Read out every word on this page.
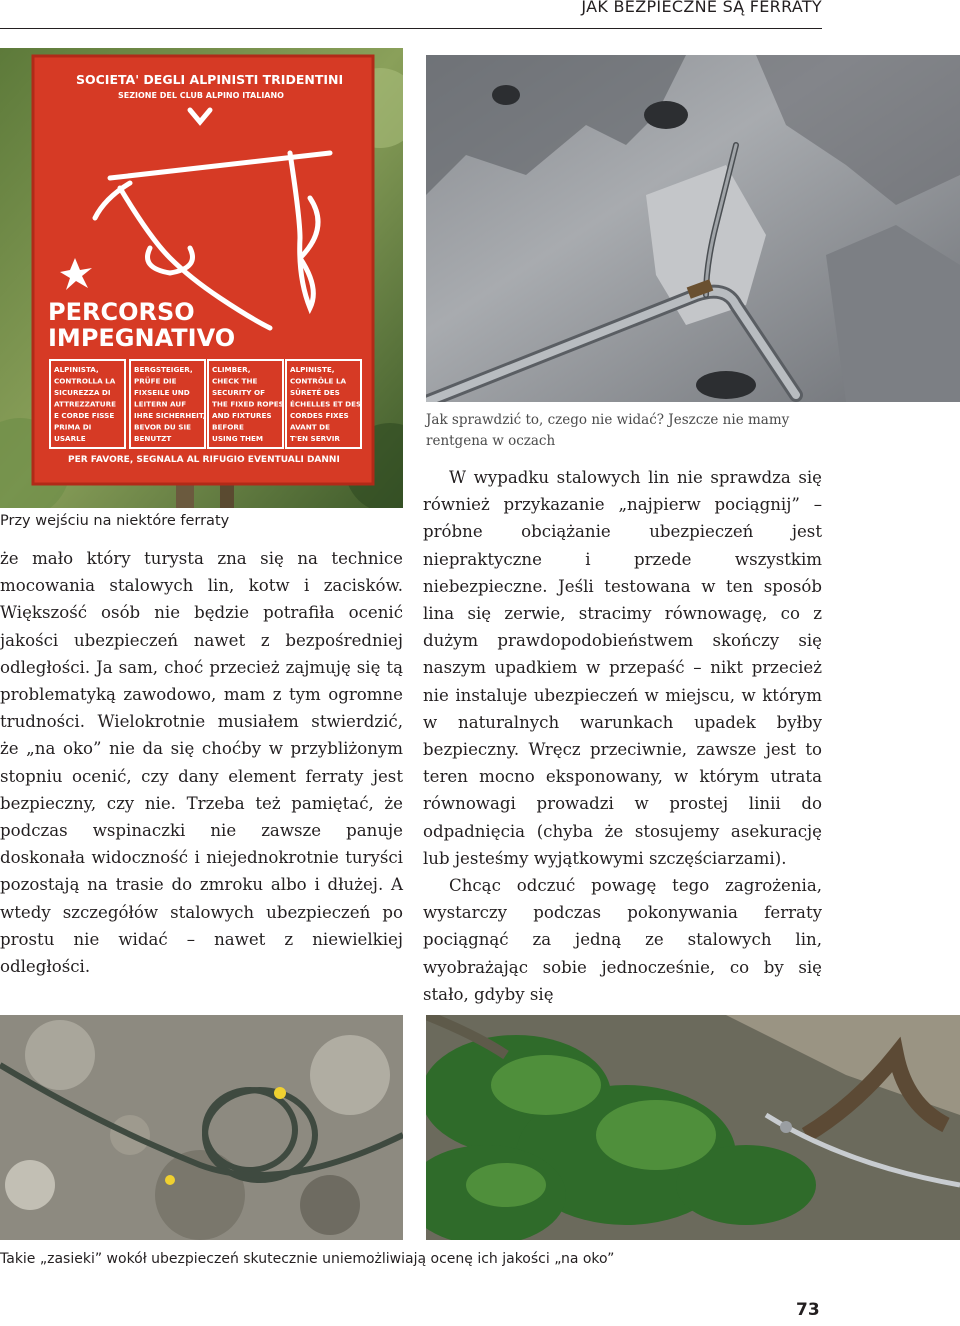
JAK BEZPIECZNE SĄ FERRATY
SOCIETA' DEGLI ALPINISTI TRIDENTINI
SEZIONE DEL CLUB ALPINO ITALIANO
PERCORSO
IMPEGNATIVO
ALPINISTA,
CONTROLLA LA
SICUREZZA DI
ATTREZZATURE
E CORDE FISSE
PRIMA DI
USARLE
BERGSTEIGER,
PRÜFE DIE
FIXSEILE UND
LEITERN AUF
IHRE SICHERHEIT,
BEVOR DU SIE
BENUTZT
CLIMBER,
CHECK THE
SECURITY OF
THE FIXED ROPES
AND FIXTURES
BEFORE
USING THEM
ALPINISTE,
CONTRÔLE LA
SÛRETÉ DES
ÉCHELLES ET DES
CORDES FIXES
AVANT DE
T'EN SERVIR
PER FAVORE, SEGNALA AL RIFUGIO EVENTUALI DANNI
Jak sprawdzić to, czego nie widać? Jeszcze nie mamy rentgena w oczach
Przy wejściu na niektóre ferraty

że mało który turysta zna się na technice mocowania stalowych lin, kotw i zacisków. Większość osób nie będzie potrafiła ocenić jakości ubezpieczeń nawet z bezpośredniej odległości. Ja sam, choć przecież zajmuję się tą problematyką zawodowo, mam z tym ogromne trudności. Wielokrotnie musiałem stwierdzić, że „na oko” nie da się choćby w przybliżonym stopniu ocenić, czy dany element ferraty jest bezpieczny, czy nie. Trzeba też pamiętać, że podczas wspinaczki nie zawsze panuje doskonała widoczność i niejednokrotnie turyści pozostają na trasie do zmroku albo i dłużej. A wtedy szczegółów stalowych ubezpieczeń po prostu nie widać – nawet z niewielkiej odległości.

W wypadku stalowych lin nie sprawdza się również przykazanie „najpierw pociągnij” – próbne obciążanie ubezpieczeń jest niepraktyczne i przede wszystkim niebezpieczne. Jeśli testowana w ten sposób lina się zerwie, stracimy równowagę, co z dużym prawdopodobieństwem skończy się naszym upadkiem w przepaść – nikt przecież nie instaluje ubezpieczeń w miejscu, w którym w naturalnych warunkach upadek byłby bezpieczny. Wręcz przeciwnie, zawsze jest to teren mocno eksponowany, w którym utrata równowagi prowadzi w prostej linii do odpadnięcia (chyba że stosujemy asekurację lub jesteśmy wyjątkowymi szczęściarzami).

Chcąc odczuć powagę tego zagrożenia, wystarczy podczas pokonywania ferraty pociągnąć za jedną ze stalowych lin, wyobrażając sobie jednocześnie, co by się stało, gdyby się

Takie „zasieki” wokół ubezpieczeń skutecznie uniemożliwiają ocenę ich jakości „na oko”
73
